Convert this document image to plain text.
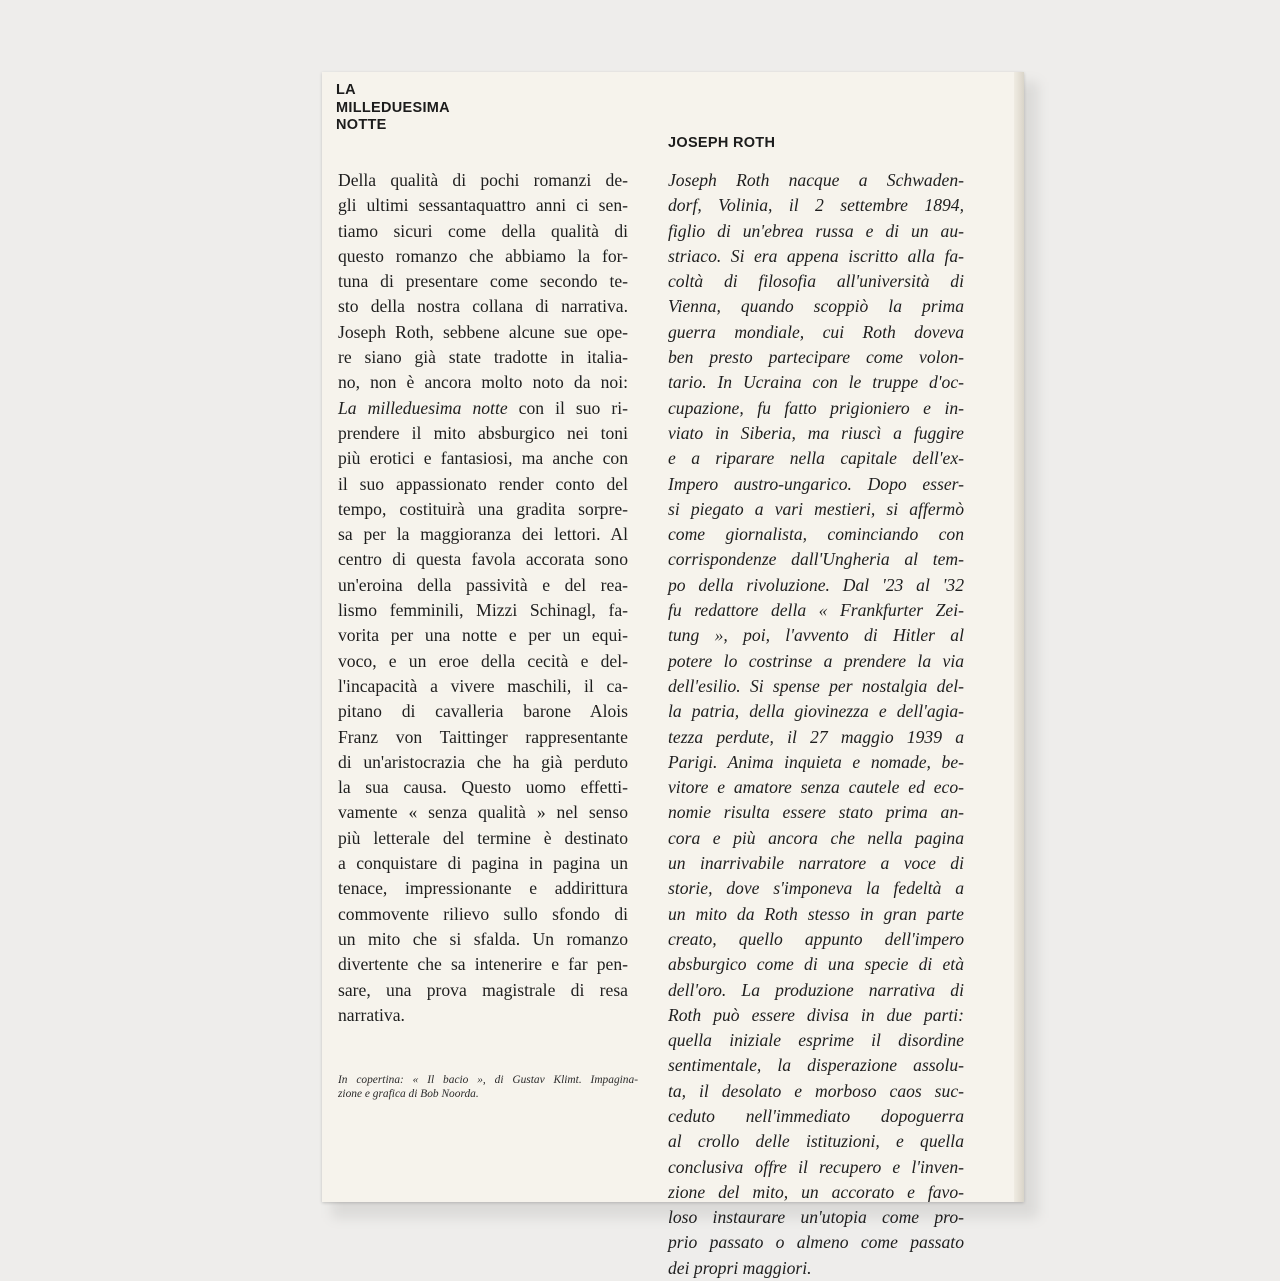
LA
MILLEDUESIMA
NOTTE
JOSEPH ROTH
Della qualità di pochi romanzi de-
gli ultimi sessantaquattro anni ci sen-
tiamo sicuri come della qualità di
questo romanzo che abbiamo la for-
tuna di presentare come secondo te-
sto della nostra collana di narrativa.
Joseph Roth, sebbene alcune sue ope-
re siano già state tradotte in italia-
no, non è ancora molto noto da noi:
La milleduesima notte con il suo ri-
prendere il mito absburgico nei toni
più erotici e fantasiosi, ma anche con
il suo appassionato render conto del
tempo, costituirà una gradita sorpre-
sa per la maggioranza dei lettori. Al
centro di questa favola accorata sono
un'eroina della passività e del rea-
lismo femminili, Mizzi Schinagl, fa-
vorita per una notte e per un equi-
voco, e un eroe della cecità e del-
l'incapacità a vivere maschili, il ca-
pitano di cavalleria barone Alois
Franz von Taittinger rappresentante
di un'aristocrazia che ha già perduto
la sua causa. Questo uomo effetti-
vamente « senza qualità » nel senso
più letterale del termine è destinato
a conquistare di pagina in pagina un
tenace, impressionante e addirittura
commovente rilievo sullo sfondo di
un mito che si sfalda. Un romanzo
divertente che sa intenerire e far pen-
sare, una prova magistrale di resa
narrativa.
Joseph Roth nacque a Schwaden-
dorf, Volinia, il 2 settembre 1894,
figlio di un'ebrea russa e di un au-
striaco. Si era appena iscritto alla fa-
coltà di filosofia all'università di
Vienna, quando scoppiò la prima
guerra mondiale, cui Roth doveva
ben presto partecipare come volon-
tario. In Ucraina con le truppe d'oc-
cupazione, fu fatto prigioniero e in-
viato in Siberia, ma riuscì a fuggire
e a riparare nella capitale dell'ex-
Impero austro-ungarico. Dopo esser-
si piegato a vari mestieri, si affermò
come giornalista, cominciando con
corrispondenze dall'Ungheria al tem-
po della rivoluzione. Dal '23 al '32
fu redattore della « Frankfurter Zei-
tung », poi, l'avvento di Hitler al
potere lo costrinse a prendere la via
dell'esilio. Si spense per nostalgia del-
la patria, della giovinezza e dell'agia-
tezza perdute, il 27 maggio 1939 a
Parigi. Anima inquieta e nomade, be-
vitore e amatore senza cautele ed eco-
nomie risulta essere stato prima an-
cora e più ancora che nella pagina
un inarrivabile narratore a voce di
storie, dove s'imponeva la fedeltà a
un mito da Roth stesso in gran parte
creato, quello appunto dell'impero
absburgico come di una specie di età
dell'oro. La produzione narrativa di
Roth può essere divisa in due parti:
quella iniziale esprime il disordine
sentimentale, la disperazione assolu-
ta, il desolato e morboso caos suc-
ceduto nell'immediato dopoguerra
al crollo delle istituzioni, e quella
conclusiva offre il recupero e l'inven-
zione del mito, un accorato e favo-
loso instaurare un'utopia come pro-
prio passato o almeno come passato
dei propri maggiori.
In copertina: « Il bacio », di Gustav Klimt. Impagina-
zione e grafica di Bob Noorda.
